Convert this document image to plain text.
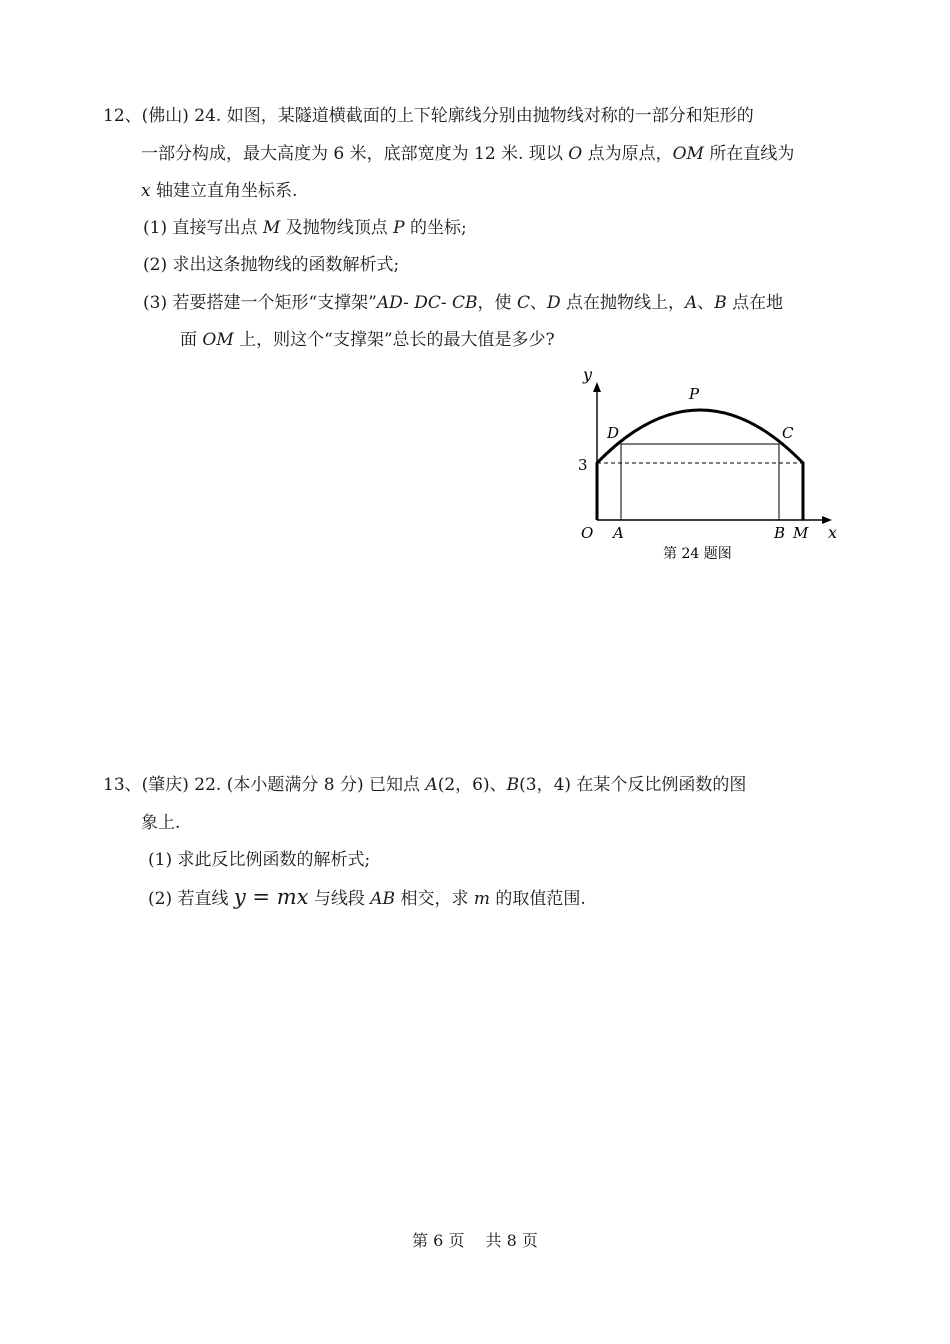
12、(佛山) 24. 如图，某隧道横截面的上下轮廓线分别由抛物线对称的一部分和矩形的
一部分构成，最大高度为 6 米，底部宽度为 12 米. 现以 O 点为原点，OM 所在直线为
x 轴建立直角坐标系.
(1) 直接写出点 M 及抛物线顶点 P 的坐标;
(2) 求出这条抛物线的函数解析式;
(3) 若要搭建一个矩形“支撑架”AD- DC- CB，使 C、D 点在抛物线上，A、B 点在地
面 OM 上，则这个“支撑架”总长的最大值是多少?
y
x
P
D	C
3
O A	B M
第 24 题图
13、(肇庆) 22. (本小题满分 8 分) 已知点 A(2，6)、B(3，4) 在某个反比例函数的图
象上.
(1) 求此反比例函数的解析式;
(2) 若直线 y = mx 与线段 AB 相交，求 m 的取值范围.
第 6 页　 共 8 页
